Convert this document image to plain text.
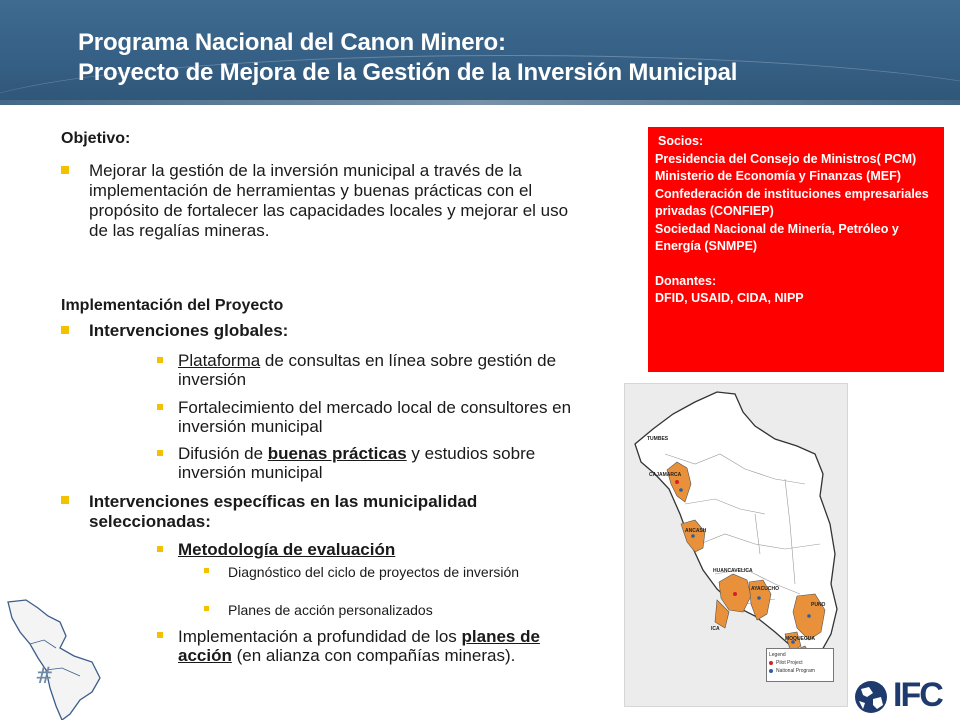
Programa Nacional del Canon Minero:
Proyecto de Mejora de la Gestión de la Inversión Municipal
Objetivo:
Mejorar la gestión de la inversión municipal a través de la implementación de herramientas y buenas prácticas con el propósito de fortalecer las capacidades locales y mejorar el uso de las regalías mineras.
Implementación del Proyecto
Intervenciones globales:
Plataforma de consultas en línea sobre gestión de inversión
Fortalecimiento del mercado local de consultores en inversión municipal
Difusión de buenas prácticas y estudios sobre inversión municipal
Intervenciones específicas en las municipalidad seleccionadas:
Metodología de evaluación
Diagnóstico del ciclo de proyectos de inversión
Planes de acción personalizados
Implementación a profundidad de los planes de acción (en alianza con compañías mineras).
Socios:
Presidencia del Consejo de Ministros( PCM)
Ministerio de Economía y Finanzas (MEF)
Confederación de instituciones empresariales privadas (CONFIEP)
Sociedad Nacional de Minería, Petróleo y Energía (SNMPE)
Donantes:
DFID, USAID, CIDA, NIPP
TUMBES
CAJAMARCA
ANCASH
HUANCAVELICA
AYACUCHO
ICA
PUNO
MOQUEGUA
Legend
Pilot Project
National Program
#	IFC
